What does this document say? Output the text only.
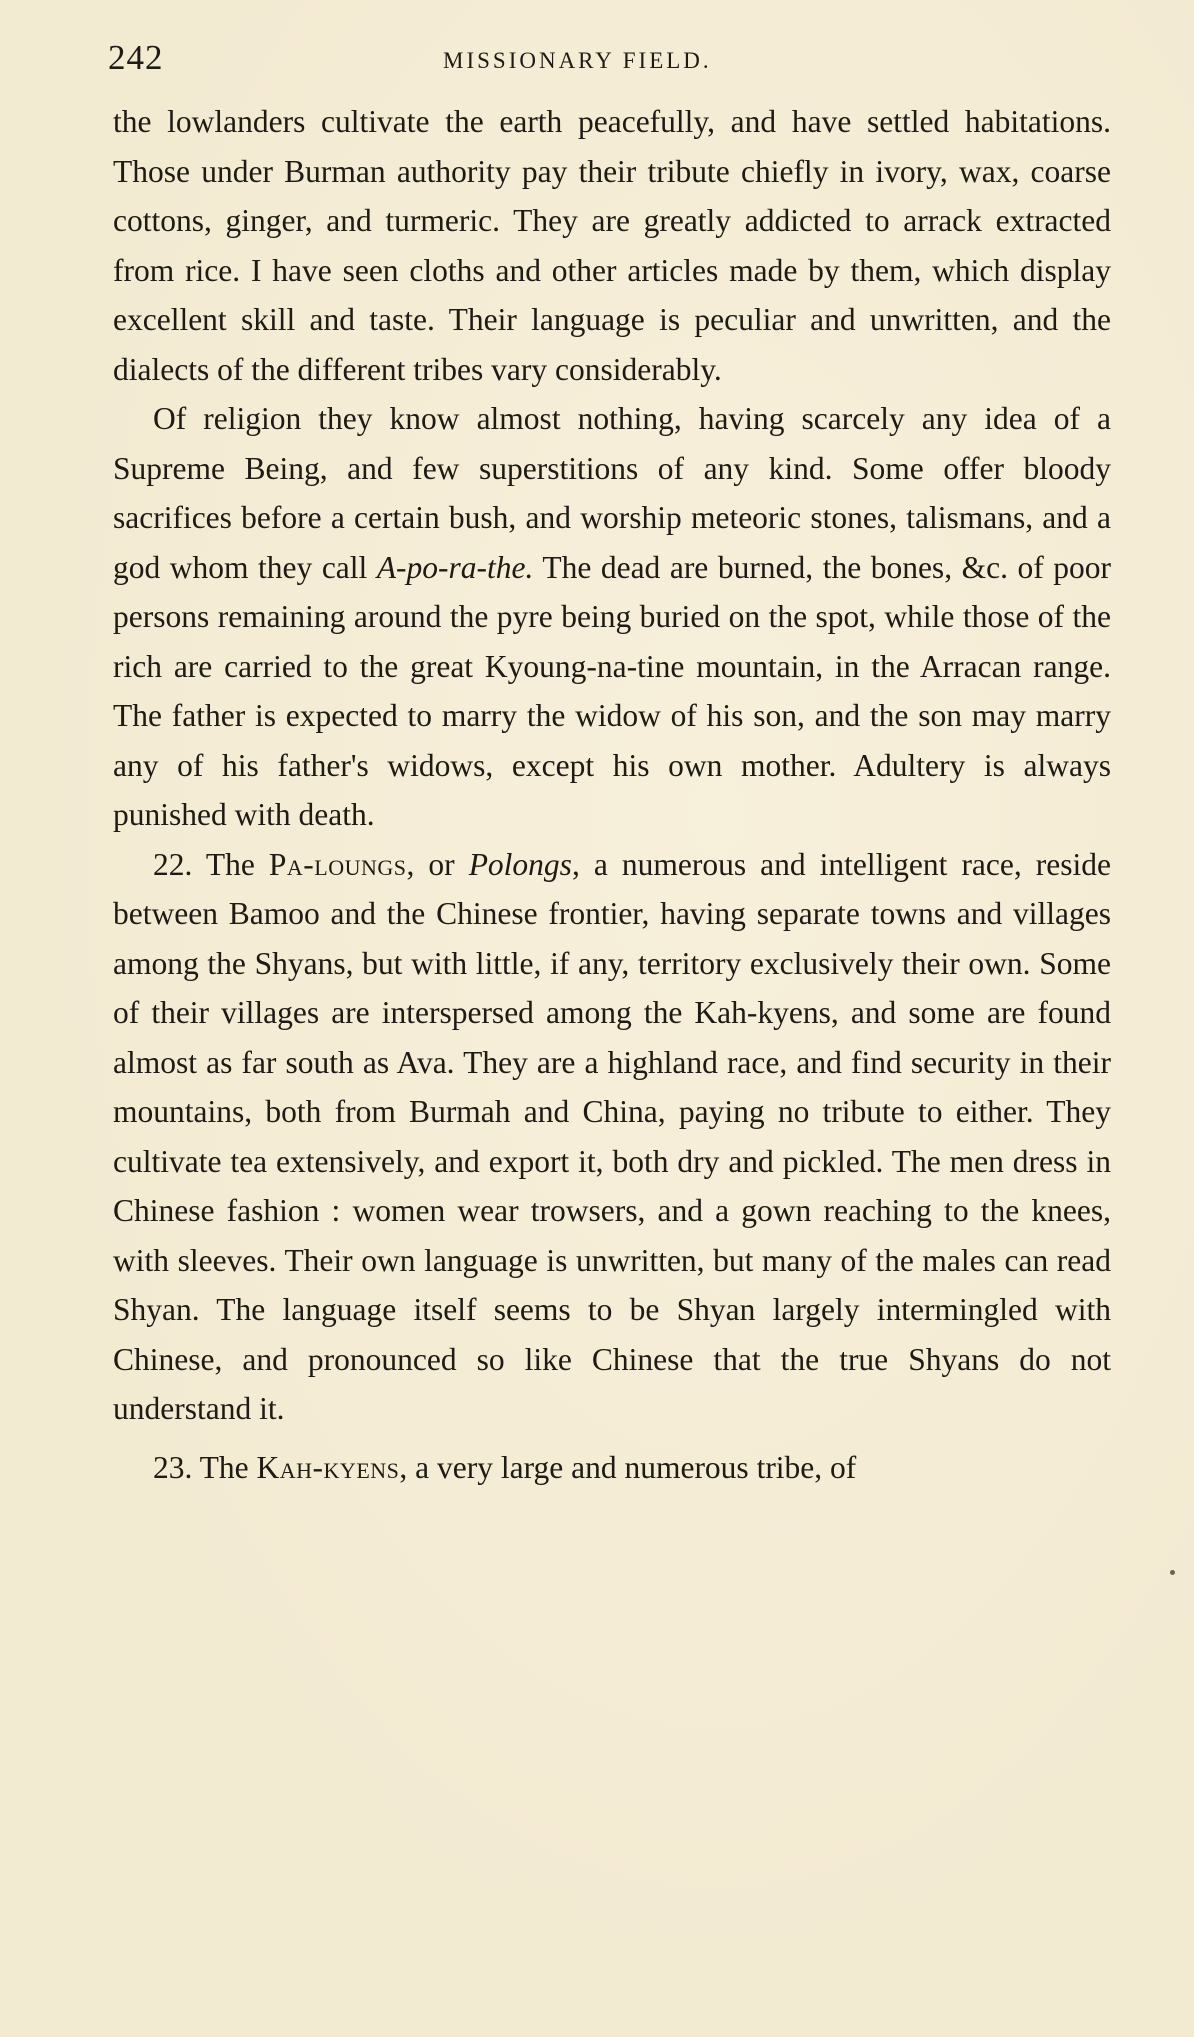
242	MISSIONARY FIELD.

the lowlanders cultivate the earth peacefully, and have settled habitations. Those under Burman authority pay their tribute chiefly in ivory, wax, coarse cottons, ginger, and turmeric. They are greatly addicted to arrack extracted from rice. I have seen cloths and other articles made by them, which display excellent skill and taste. Their language is peculiar and unwritten, and the dialects of the different tribes vary considerably.

Of religion they know almost nothing, having scarcely any idea of a Supreme Being, and few superstitions of any kind. Some offer bloody sacrifices before a certain bush, and worship meteoric stones, talismans, and a god whom they call A-po-ra-the. The dead are burned, the bones, &c. of poor persons remaining around the pyre being buried on the spot, while those of the rich are carried to the great Kyoung-na-tine mountain, in the Arracan range. The father is expected to marry the widow of his son, and the son may marry any of his father's widows, except his own mother. Adultery is always punished with death.

22. The Pa-loungs, or Polongs, a numerous and intelligent race, reside between Bamoo and the Chinese frontier, having separate towns and villages among the Shyans, but with little, if any, territory exclusively their own. Some of their villages are interspersed among the Kah-kyens, and some are found almost as far south as Ava. They are a highland race, and find security in their mountains, both from Burmah and China, paying no tribute to either. They cultivate tea extensively, and export it, both dry and pickled. The men dress in Chinese fashion : women wear trowsers, and a gown reaching to the knees, with sleeves. Their own language is unwritten, but many of the males can read Shyan. The language itself seems to be Shyan largely intermingled with Chinese, and pronounced so like Chinese that the true Shyans do not understand it.

23. The Kah-kyens, a very large and numerous tribe, of
